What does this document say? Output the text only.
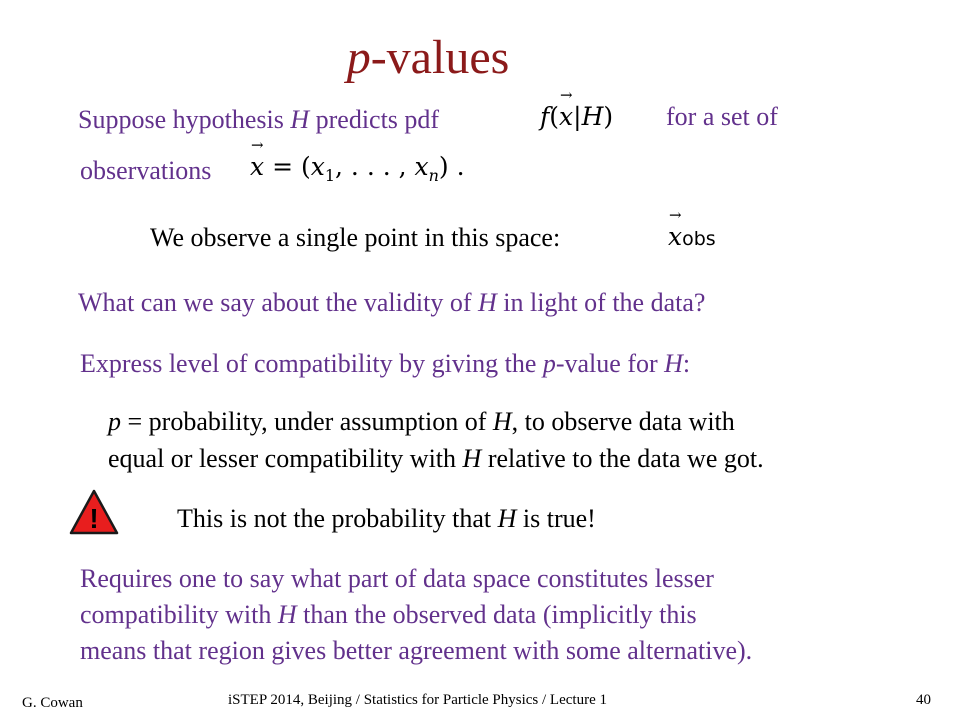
p-values
Suppose hypothesis H predicts pdf	f(→ x|H) for a set of
observations → $x = (x_1$, . . . , $x_n$) .
We observe a single point in this space:	→ xobs
What can we say about the validity of H in light of the data?
Express level of compatibility by giving the p-value for H:
p = probability, under assumption of H, to observe data with
equal or lesser compatibility with H relative to the data we got.
!	This is not the probability that H is true!
Requires one to say what part of data space constitutes lesser
compatibility with H than the observed data (implicitly this
means that region gives better agreement with some alternative).
G. Cowan	iSTEP 2014, Beijing / Statistics for Particle Physics / Lecture 1	40
